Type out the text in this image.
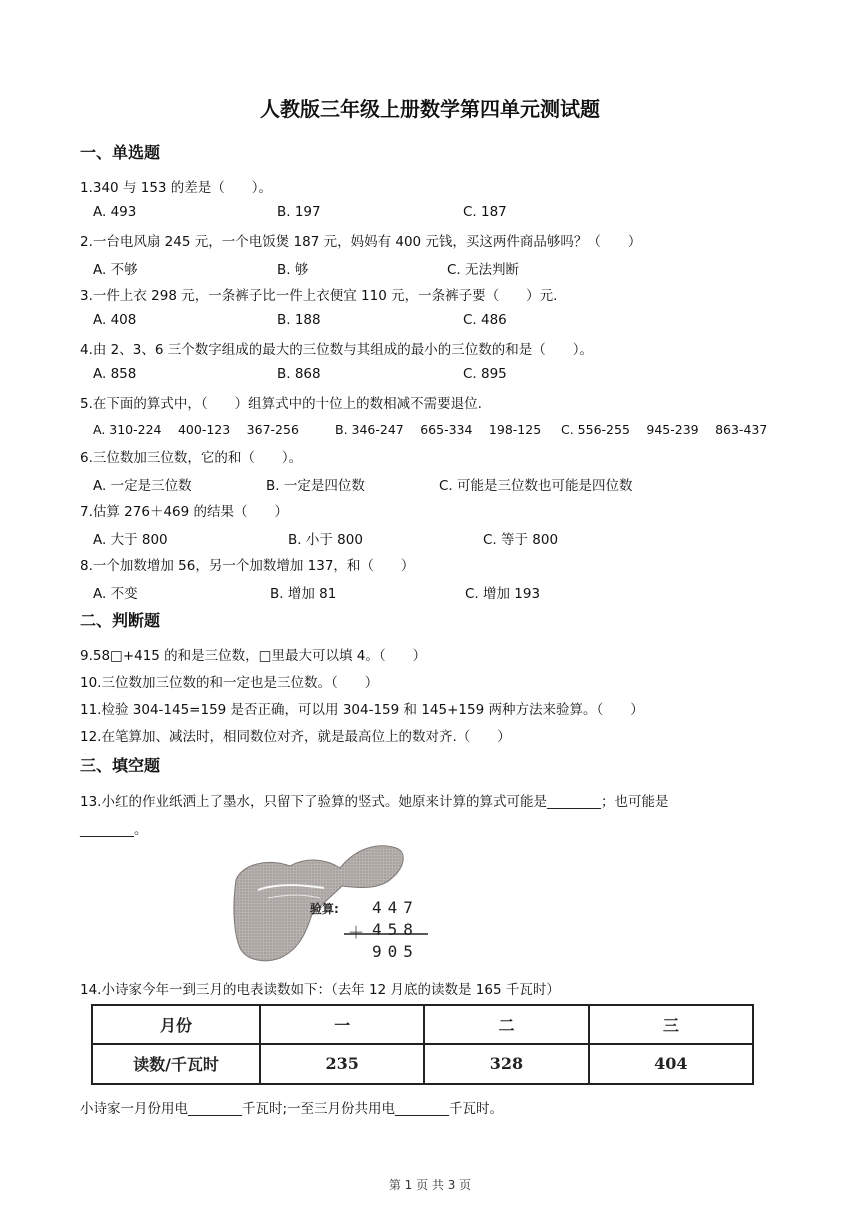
人教版三年级上册数学第四单元测试题
一、单选题
1.340 与 153 的差是（　　）。
A. 493	B. 197	C. 187
2.一台电风扇 245 元，一个电饭煲 187 元，妈妈有 400 元钱，买这两件商品够吗？（　　）
A. 不够	B. 够	C. 无法判断
3.一件上衣 298 元，一条裤子比一件上衣便宜 110 元，一条裤子要（　　）元.
A. 408	B. 188	C. 486
4.由 2、3、6 三个数字组成的最大的三位数与其组成的最小的三位数的和是（　　）。
A. 858	B. 868	C. 895
5.在下面的算式中，（　　）组算式中的十位上的数相减不需要退位.
A. 310-224　 400-123　 367-256	B. 346-247　 665-334　 198-125 C. 556-255　 945-239　 863-437
6.三位数加三位数，它的和（　　）。
A. 一定是三位数	B. 一定是四位数	C. 可能是三位数也可能是四位数
7.估算 276＋469 的结果（　　）
A. 大于 800	B. 小于 800	C. 等于 800
8.一个加数增加 56，另一个加数增加 137，和（　　）
A. 不变	B. 增加 81	C. 增加 193
二、判断题
9.58□+415 的和是三位数，□里最大可以填 4。（　　）
10.三位数加三位数的和一定也是三位数。（　　）
11.检验 304-145=159 是否正确，可以用 304-159 和 145+159 两种方法来验算。（　　）
12.在笔算加、减法时，相同数位对齐，就是最高位上的数对齐.（　　）
三、填空题
13.小红的作业纸洒上了墨水，只留下了验算的竖式。她原来计算的算式可能是________；也可能是
________。
验算: 447
＋ 458
905
14.小诗家今年一到三月的电表读数如下：（去年 12 月底的读数是 165 千瓦时）
月份	一	二	三
读数/千瓦时	235	328	404
小诗家一月份用电________千瓦时;一至三月份共用电________千瓦时。
第 1 页 共 3 页
